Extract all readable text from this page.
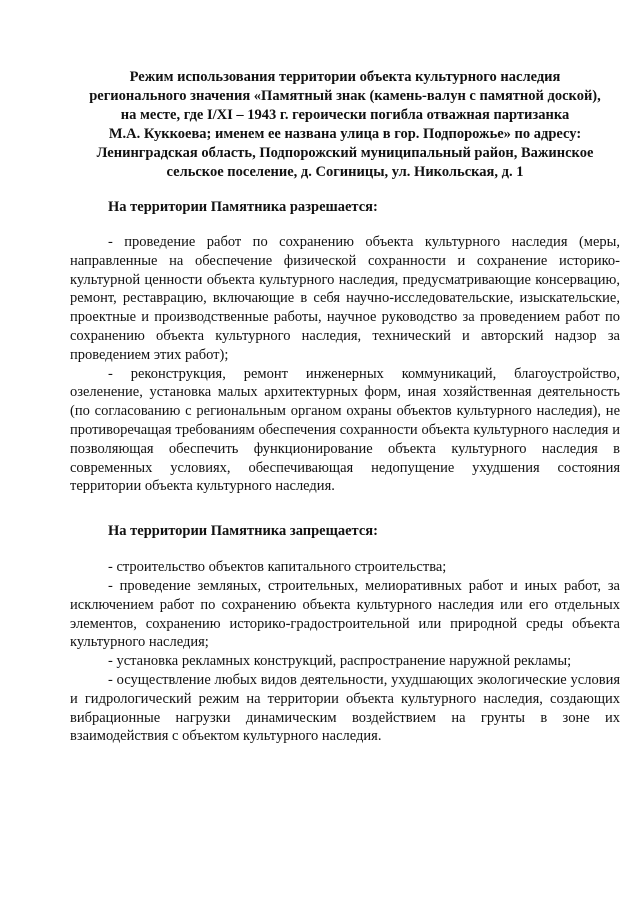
Режим использования территории объекта культурного наследия
регионального значения «Памятный знак (камень-валун с памятной доской),
на месте, где I/XI – 1943 г. героически погибла отважная партизанка
М.А. Куккоева; именем ее названа улица в гор. Подпорожье» по адресу:
Ленинградская область, Подпорожский муниципальный район, Важинское
сельское поселение, д. Согиницы, ул. Никольская, д. 1
На территории Памятника разрешается:
- проведение работ по сохранению объекта культурного наследия (меры, направленные на обеспечение физической сохранности и сохранение историко-культурной ценности объекта культурного наследия, предусматривающие консервацию, ремонт, реставрацию, включающие в себя научно-исследовательские, изыскательские, проектные и производственные работы, научное руководство за проведением работ по сохранению объекта культурного наследия, технический и авторский надзор за проведением этих работ);
- реконструкция, ремонт инженерных коммуникаций, благоустройство, озеленение, установка малых архитектурных форм, иная хозяйственная деятельность (по согласованию с региональным органом охраны объектов культурного наследия), не противоречащая требованиям обеспечения сохранности объекта культурного наследия и позволяющая обеспечить функционирование объекта культурного наследия в современных условиях, обеспечивающая недопущение ухудшения состояния территории объекта культурного наследия.
На территории Памятника запрещается:
- строительство объектов капитального строительства;
- проведение земляных, строительных, мелиоративных работ и иных работ, за исключением работ по сохранению объекта культурного наследия или его отдельных элементов, сохранению историко-градостроительной или природной среды объекта культурного наследия;
- установка рекламных конструкций, распространение наружной рекламы;
- осуществление любых видов деятельности, ухудшающих экологические условия и гидрологический режим на территории объекта культурного наследия, создающих вибрационные нагрузки динамическим воздействием на грунты в зоне их взаимодействия с объектом культурного наследия.
